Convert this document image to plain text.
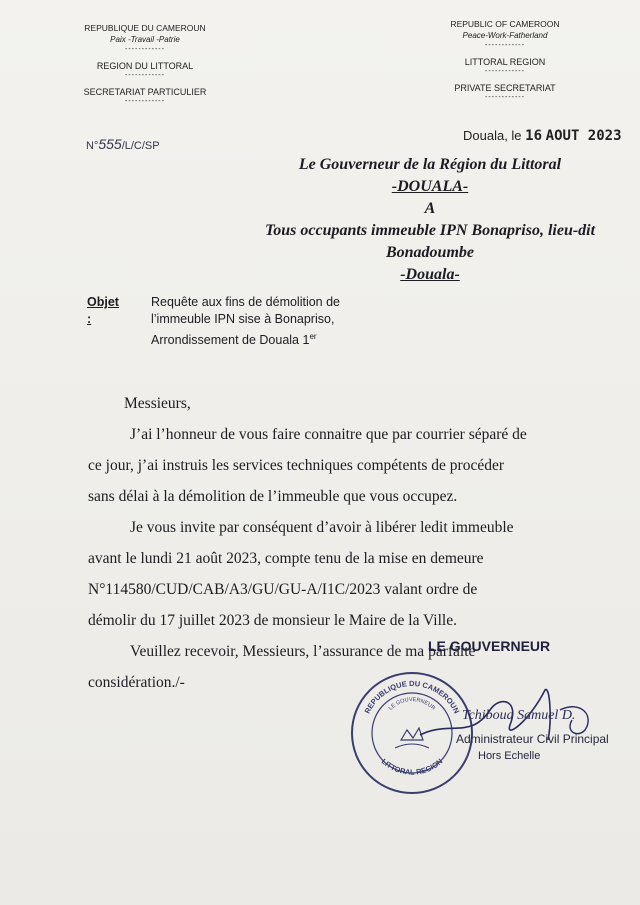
REPUBLIQUE DU CAMEROUN
Paix -Travail -Patrie
------------
REGION DU LITTORAL
------------
SECRETARIAT PARTICULIER
------------
REPUBLIC OF CAMEROON
Peace-Work-Fatherland
------------
LITTORAL REGION
------------
PRIVATE SECRETARIAT
------------
N°555/L/C/SP
Douala, le 16 AOUT 2023
Le Gouverneur de la Région du Littoral
-DOUALA-
A
Tous occupants immeuble IPN Bonapriso, lieu-dit
Bonadoumbe
-Douala-
Objet :
Requête aux fins de démolition de
l’immeuble IPN sise à Bonapriso,
Arrondissement de Douala 1er

Messieurs,

J’ai l’honneur de vous faire connaitre que par courrier séparé de

ce jour, j’ai instruis les services techniques compétents de procéder

sans délai à la démolition de l’immeuble que vous occupez.

Je vous invite par conséquent d’avoir à libérer ledit immeuble

avant le lundi 21 août 2023, compte tenu de la mise en demeure

N°114580/CUD/CAB/A3/GU/GU-A/I1C/2023 valant ordre de

démolir du 17 juillet 2023 de monsieur le Maire de la Ville.

Veuillez recevoir, Messieurs, l’assurance de ma parfaite

considération./-

LE GOUVERNEUR
REPUBLIQUE DU CAMEROUN
LITTORAL REGION
LE GOUVERNEUR Tchiboua Samuel D.
Administrateur Civil Principal
Hors Echelle
